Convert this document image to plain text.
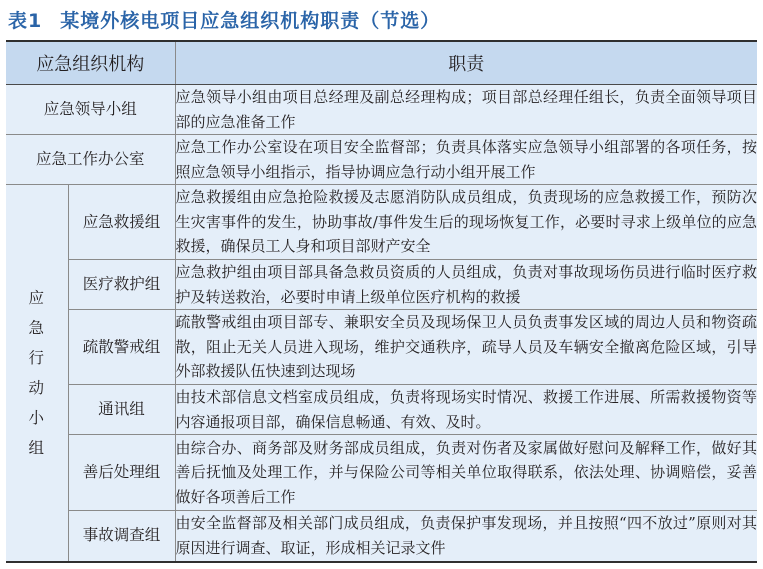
表1 某境外核电项目应急组织机构职责（节选）
应急组织机构		职责
应急领导小组		应急领导小组由项目总经理及副总经理构成；项目部总经理任组长，负责全面领导项目部的应急准备工作
应急工作办公室		应急工作办公室设在项目安全监督部；负责具体落实应急领导小组部署的各项任务，按照应急领导小组指示，指导协调应急行动小组开展工作
应急行动小组	应急救援组	应急救援组由应急抢险救援及志愿消防队成员组成，负责现场的应急救援工作，预防次生灾害事件的发生，协助事故/事件发生后的现场恢复工作，必要时寻求上级单位的应急救援，确保员工人身和项目部财产安全
	医疗救护组	应急救护组由项目部具备急救员资质的人员组成，负责对事故现场伤员进行临时医疗救护及转送救治，必要时申请上级单位医疗机构的救援
	疏散警戒组	疏散警戒组由项目部专、兼职安全员及现场保卫人员负责事发区域的周边人员和物资疏散，阻止无关人员进入现场，维护交通秩序，疏导人员及车辆安全撤离危险区域，引导外部救援队伍快速到达现场
	通讯组	由技术部信息文档室成员组成，负责将现场实时情况、救援工作进展、所需救援物资等内容通报项目部，确保信息畅通、有效、及时。
	善后处理组	由综合办、商务部及财务部成员组成，负责对伤者及家属做好慰问及解释工作，做好其善后抚恤及处理工作，并与保险公司等相关单位取得联系，依法处理、协调赔偿，妥善做好各项善后工作
	事故调查组	由安全监督部及相关部门成员组成，负责保护事发现场，并且按照“四不放过”原则对其原因进行调查、取证，形成相关记录文件
